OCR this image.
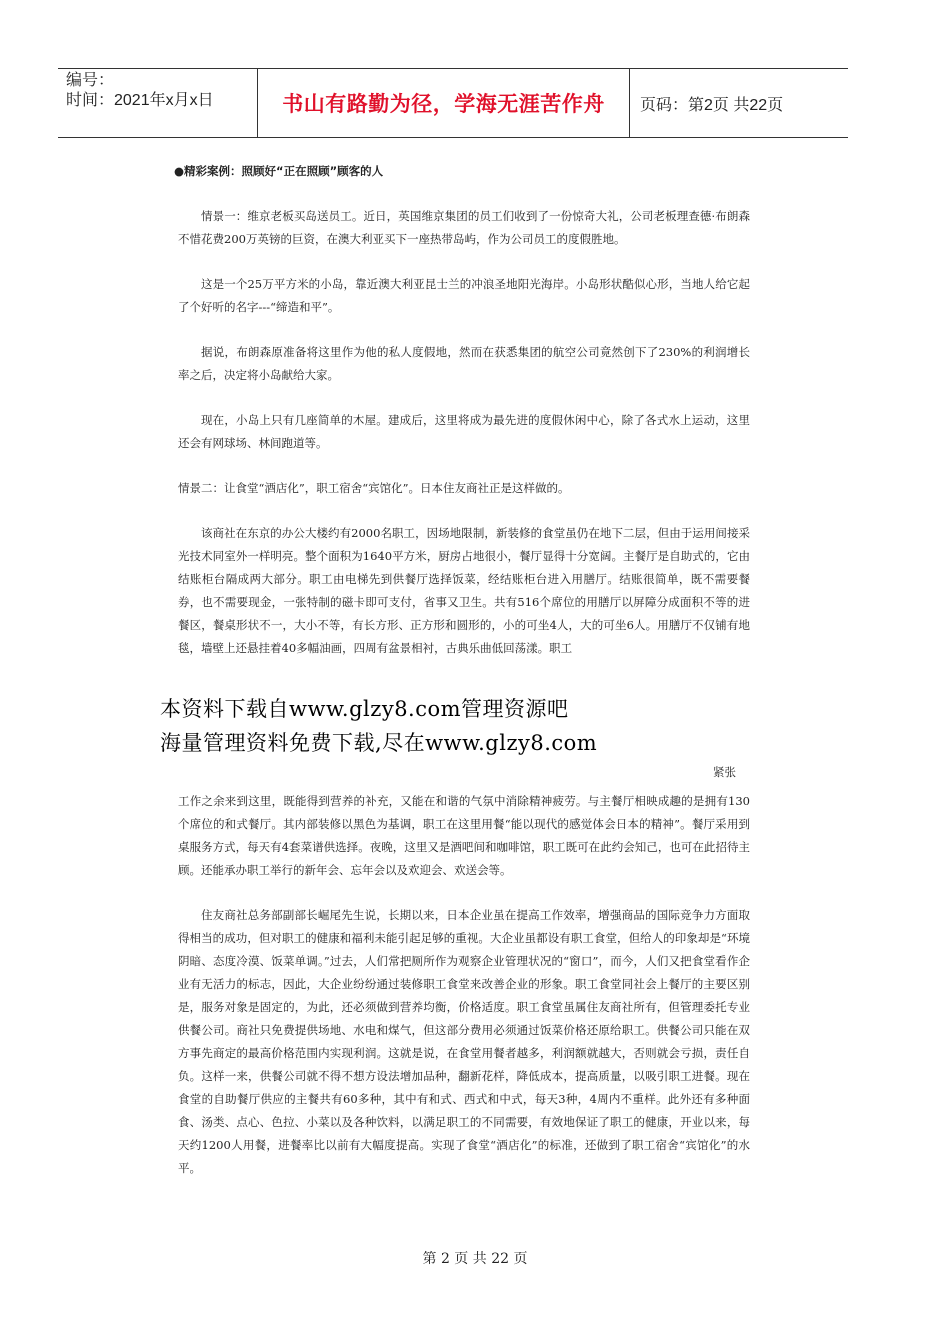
编号：
时间：2021年x月x日	书山有路勤为径，学海无涯苦作舟	页码：第2页 共22页
●精彩案例：照顾好“正在照顾”顾客的人

情景一：维京老板买岛送员工。近日，英国维京集团的员工们收到了一份惊奇大礼，公司老板理查德·布朗森不惜花费200万英镑的巨资，在澳大利亚买下一座热带岛屿，作为公司员工的度假胜地。

这是一个25万平方米的小岛，靠近澳大利亚昆士兰的冲浪圣地阳光海岸。小岛形状酷似心形，当地人给它起了个好听的名字---“缔造和平”。

据说，布朗森原准备将这里作为他的私人度假地，然而在获悉集团的航空公司竟然创下了230%的利润增长率之后，决定将小岛献给大家。

现在，小岛上只有几座简单的木屋。建成后，这里将成为最先进的度假休闲中心，除了各式水上运动，这里还会有网球场、林间跑道等。

情景二：让食堂“酒店化”，职工宿舍“宾馆化”。日本住友商社正是这样做的。

该商社在东京的办公大楼约有2000名职工，因场地限制，新装修的食堂虽仍在地下二层，但由于运用间接采光技术同室外一样明亮。整个面积为1640平方米，厨房占地很小，餐厅显得十分宽阔。主餐厅是自助式的，它由结账柜台隔成两大部分。职工由电梯先到供餐厅选择饭菜，经结账柜台进入用膳厅。结账很简单，既不需要餐券，也不需要现金，一张特制的磁卡即可支付，省事又卫生。共有516个席位的用膳厅以屏障分成面积不等的进餐区，餐桌形状不一，大小不等，有长方形、正方形和圆形的，小的可坐4人，大的可坐6人。用膳厅不仅铺有地毯，墙壁上还悬挂着40多幅油画，四周有盆景相衬，古典乐曲低回荡漾。职工

本资料下载自www.glzy8.com管理资源吧
海量管理资料免费下载,尽在www.glzy8.com
紧张

工作之余来到这里，既能得到营养的补充，又能在和谐的气氛中消除精神疲劳。与主餐厅相映成趣的是拥有130个席位的和式餐厅。其内部装修以黑色为基调，职工在这里用餐“能以现代的感觉体会日本的精神”。餐厅采用到桌服务方式，每天有4套菜谱供选择。夜晚，这里又是酒吧间和咖啡馆，职工既可在此约会知己，也可在此招待主顾。还能承办职工举行的新年会、忘年会以及欢迎会、欢送会等。

住友商社总务部副部长崛尾先生说，长期以来，日本企业虽在提高工作效率，增强商品的国际竞争力方面取得相当的成功，但对职工的健康和福利未能引起足够的重视。大企业虽都设有职工食堂，但给人的印象却是“环境阴暗、态度冷漠、饭菜单调。”过去，人们常把厕所作为观察企业管理状况的“窗口”，而今，人们又把食堂看作企业有无活力的标志，因此，大企业纷纷通过装修职工食堂来改善企业的形象。职工食堂同社会上餐厅的主要区别是，服务对象是固定的，为此，还必须做到营养均衡，价格适度。职工食堂虽属住友商社所有，但管理委托专业供餐公司。商社只免费提供场地、水电和煤气，但这部分费用必须通过饭菜价格还原给职工。供餐公司只能在双方事先商定的最高价格范围内实现利润。这就是说，在食堂用餐者越多，利润额就越大，否则就会亏损，责任自负。这样一来，供餐公司就不得不想方设法增加品种，翻新花样，降低成本，提高质量，以吸引职工进餐。现在食堂的自助餐厅供应的主餐共有60多种，其中有和式、西式和中式，每天3种，4周内不重样。此外还有多种面食、汤类、点心、色拉、小菜以及各种饮料，以满足职工的不同需要，有效地保证了职工的健康，开业以来，每天约1200人用餐，进餐率比以前有大幅度提高。实现了食堂“酒店化”的标准，还做到了职工宿舍“宾馆化”的水平。

第 2 页 共 22 页
